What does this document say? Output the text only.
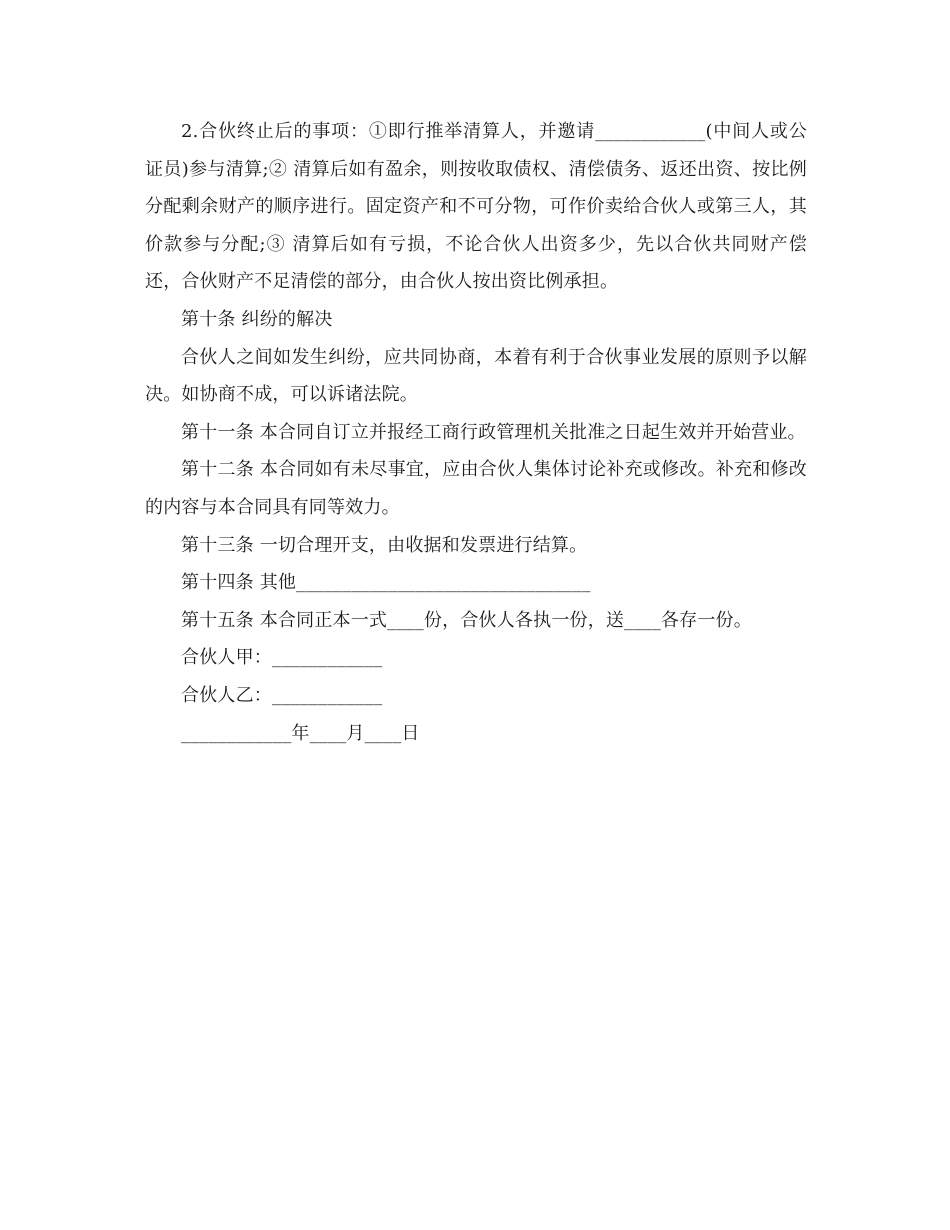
2.合伙终止后的事项：①即行推举清算人，并邀请____________(中间人或公证员)参与清算;② 清算后如有盈余，则按收取债权、清偿债务、返还出资、按比例分配剩余财产的顺序进行。固定资产和不可分物，可作价卖给合伙人或第三人，其价款参与分配;③ 清算后如有亏损，不论合伙人出资多少，先以合伙共同财产偿还，合伙财产不足清偿的部分，由合伙人按出资比例承担。

第十条 纠纷的解决

合伙人之间如发生纠纷，应共同协商，本着有利于合伙事业发展的原则予以解决。如协商不成，可以诉诸法院。

第十一条 本合同自订立并报经工商行政管理机关批准之日起生效并开始营业。

第十二条 本合同如有未尽事宜，应由合伙人集体讨论补充或修改。补充和修改的内容与本合同具有同等效力。

第十三条 一切合理开支，由收据和发票进行结算。

第十四条 其他________________________________

第十五条 本合同正本一式____份，合伙人各执一份，送____各存一份。

合伙人甲：____________

合伙人乙：____________

____________年____月____日
